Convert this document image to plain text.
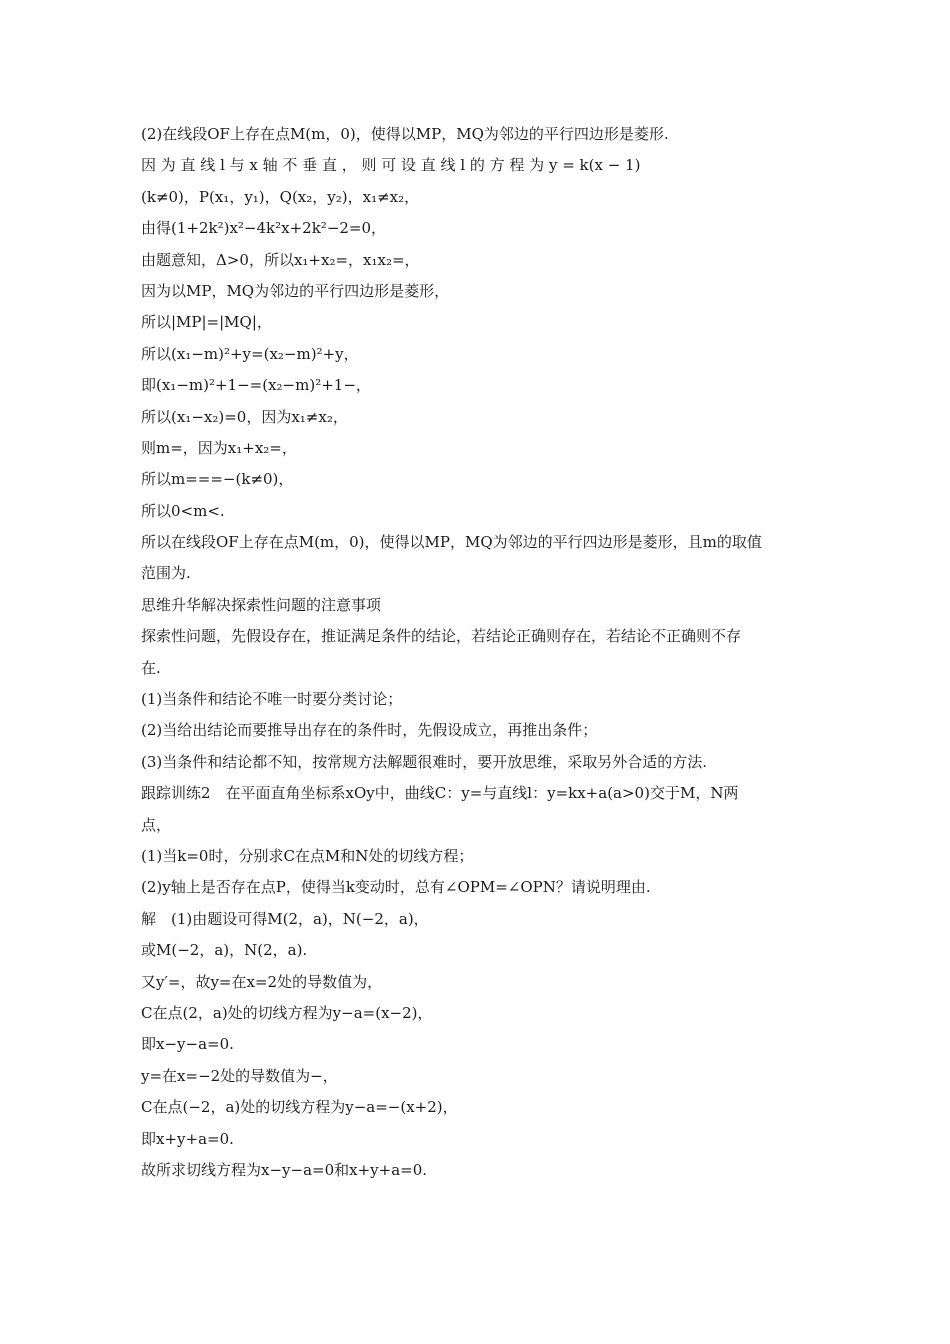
(2)在线段OF上存在点M(m，0)，使得以MP，MQ为邻边的平行四边形是菱形.
因 为 直 线 l 与 x 轴 不 垂 直 ， 则 可 设 直 线 l 的 方 程 为 y = k(x − 1)
(k≠0)，P(x₁，y₁)，Q(x₂，y₂)，x₁≠x₂，
由得(1+2k²)x²−4k²x+2k²−2=0，
由题意知，Δ>0，所以x₁+x₂=，x₁x₂=，
因为以MP，MQ为邻边的平行四边形是菱形，
所以|MP|=|MQ|，
所以(x₁−m)²+y=(x₂−m)²+y，
即(x₁−m)²+1−=(x₂−m)²+1−，
所以(x₁−x₂)=0，因为x₁≠x₂，
则m=，因为x₁+x₂=，
所以m===−(k≠0)，
所以0<m<.
所以在线段OF上存在点M(m，0)，使得以MP，MQ为邻边的平行四边形是菱形，且m的取值
范围为.
思维升华解决探索性问题的注意事项
探索性问题，先假设存在，推证满足条件的结论，若结论正确则存在，若结论不正确则不存
在.
(1)当条件和结论不唯一时要分类讨论；
(2)当给出结论而要推导出存在的条件时，先假设成立，再推出条件；
(3)当条件和结论都不知，按常规方法解题很难时，要开放思维，采取另外合适的方法.
跟踪训练2　在平面直角坐标系xOy中，曲线C：y=与直线l：y=kx+a(a>0)交于M，N两
点，
(1)当k=0时，分别求C在点M和N处的切线方程；
(2)y轴上是否存在点P，使得当k变动时，总有∠OPM=∠OPN？请说明理由.
解　(1)由题设可得M(2，a)，N(−2，a)，
或M(−2，a)，N(2，a).
又y′=，故y=在x=2处的导数值为，
C在点(2，a)处的切线方程为y−a=(x−2)，
即x−y−a=0.
y=在x=−2处的导数值为−，
C在点(−2，a)处的切线方程为y−a=−(x+2)，
即x+y+a=0.
故所求切线方程为x−y−a=0和x+y+a=0.
